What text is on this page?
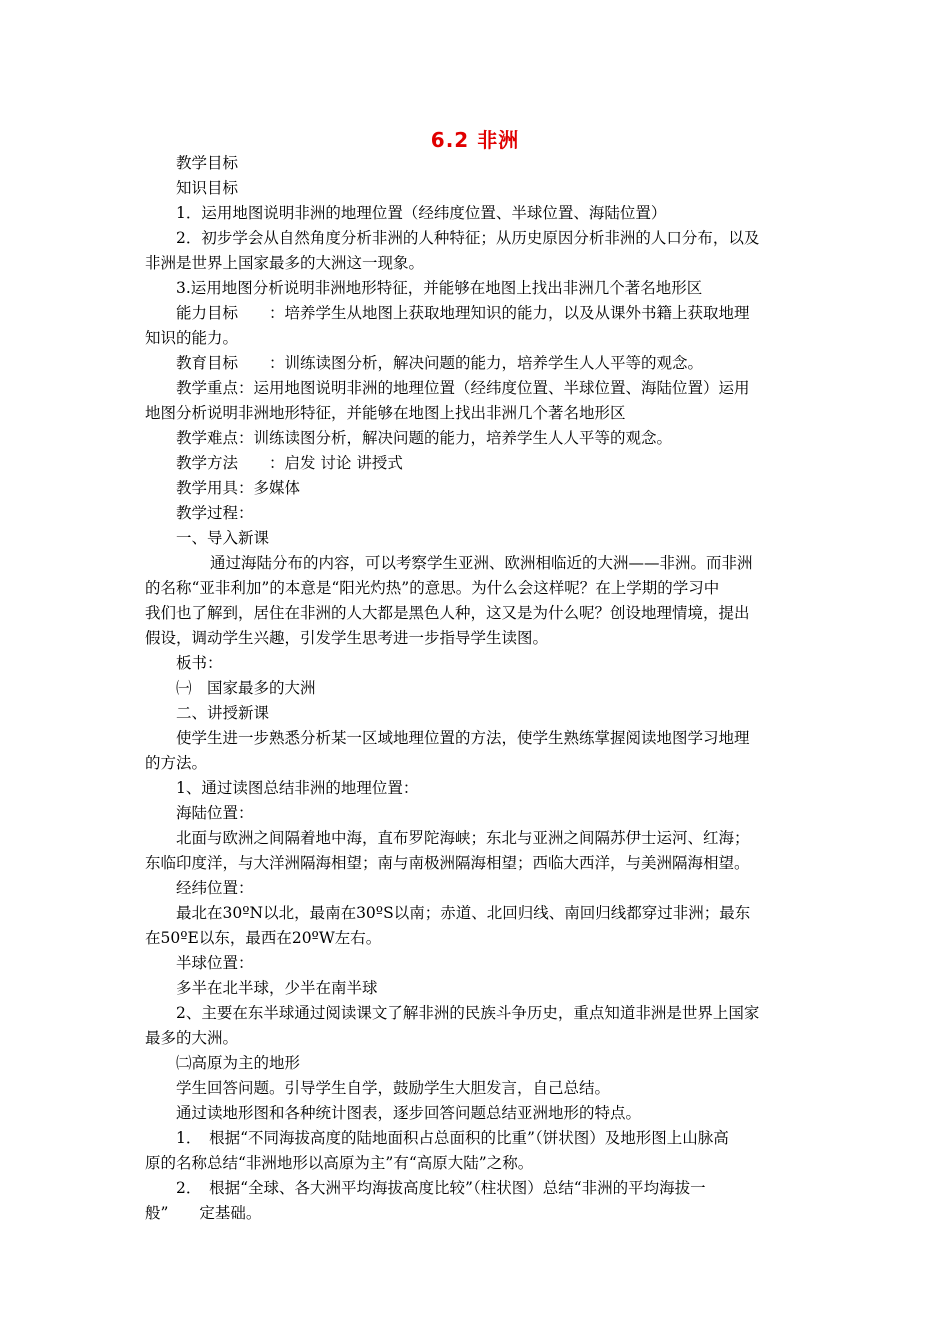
6.2 非洲
教学目标
知识目标
1．运用地图说明非洲的地理位置（经纬度位置、半球位置、海陆位置）
2．初步学会从自然角度分析非洲的人种特征；从历史原因分析非洲的人口分布，以及
非洲是世界上国家最多的大洲这一现象。
3.运用地图分析说明非洲地形特征，并能够在地图上找出非洲几个著名地形区
能力目标　　：培养学生从地图上获取地理知识的能力，以及从课外书籍上获取地理
知识的能力。
教育目标　　：训练读图分析，解决问题的能力，培养学生人人平等的观念。
教学重点：运用地图说明非洲的地理位置（经纬度位置、半球位置、海陆位置）运用
地图分析说明非洲地形特征，并能够在地图上找出非洲几个著名地形区
教学难点：训练读图分析，解决问题的能力，培养学生人人平等的观念。
教学方法　　：启发 讨论 讲授式
教学用具：多媒体
教学过程：
一、导入新课
通过海陆分布的内容，可以考察学生亚洲、欧洲相临近的大洲——非洲。而非洲
的名称“亚非利加”的本意是“阳光灼热”的意思。为什么会这样呢？在上学期的学习中
我们也了解到，居住在非洲的人大都是黑色人种，这又是为什么呢？创设地理情境，提出
假设，调动学生兴趣，引发学生思考进一步指导学生读图。
板书：
㈠　国家最多的大洲
二、讲授新课
使学生进一步熟悉分析某一区域地理位置的方法，使学生熟练掌握阅读地图学习地理
的方法。
1、通过读图总结非洲的地理位置：
海陆位置：
北面与欧洲之间隔着地中海，直布罗陀海峡；东北与亚洲之间隔苏伊士运河、红海；
东临印度洋，与大洋洲隔海相望；南与南极洲隔海相望；西临大西洋，与美洲隔海相望。
经纬位置：
最北在30ºN以北，最南在30ºS以南；赤道、北回归线、南回归线都穿过非洲；最东
在50ºE以东，最西在20ºW左右。
半球位置：
多半在北半球，少半在南半球
2、主要在东半球通过阅读课文了解非洲的民族斗争历史，重点知道非洲是世界上国家
最多的大洲。
㈡高原为主的地形
学生回答问题。引导学生自学，鼓励学生大胆发言，自己总结。
通过读地形图和各种统计图表，逐步回答问题总结亚洲地形的特点。
1．　根据“不同海拔高度的陆地面积占总面积的比重”（饼状图）及地形图上山脉高
原的名称总结“非洲地形以高原为主”有“高原大陆”之称。
2．　根据“全球、各大洲平均海拔高度比较”（柱状图）总结“非洲的平均海拔一
般”　　定基础。
